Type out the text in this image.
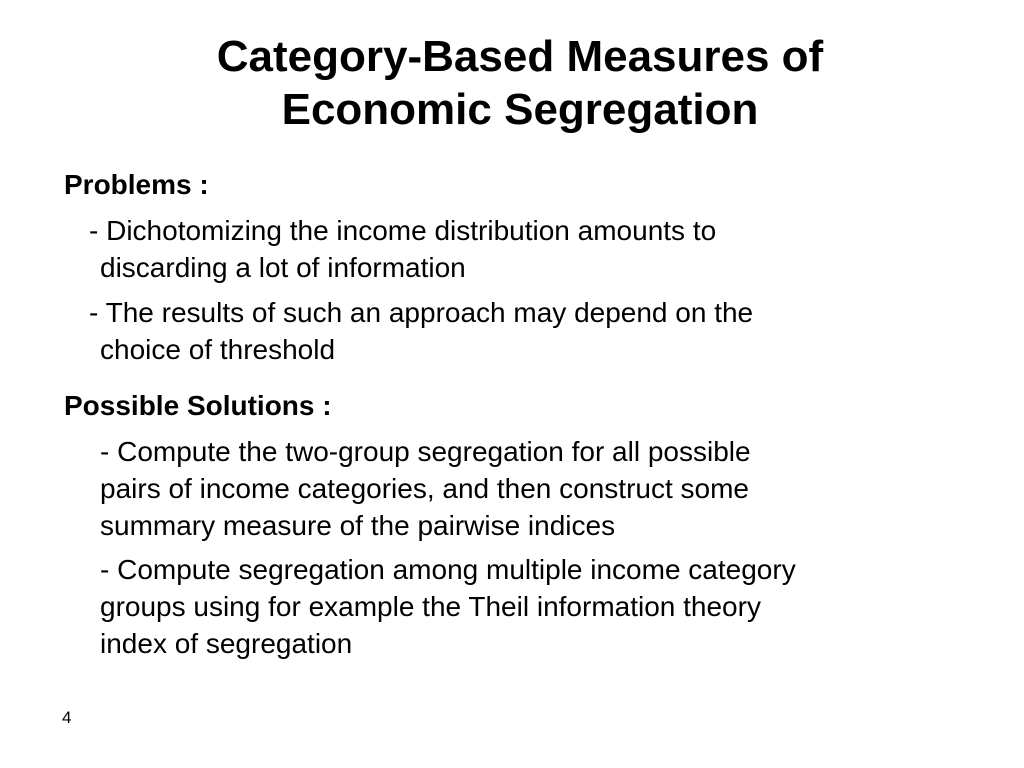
Category-Based Measures of
Economic Segregation

Problems :

- Dichotomizing the income distribution amounts to
discarding a lot of information

- The results of such an approach may depend on the
choice of threshold

Possible Solutions :

- Compute the two-group segregation for all possible
pairs of income categories, and then construct some
summary measure of the pairwise indices

- Compute segregation among multiple income category
groups using for example the Theil information theory
index of segregation

4
